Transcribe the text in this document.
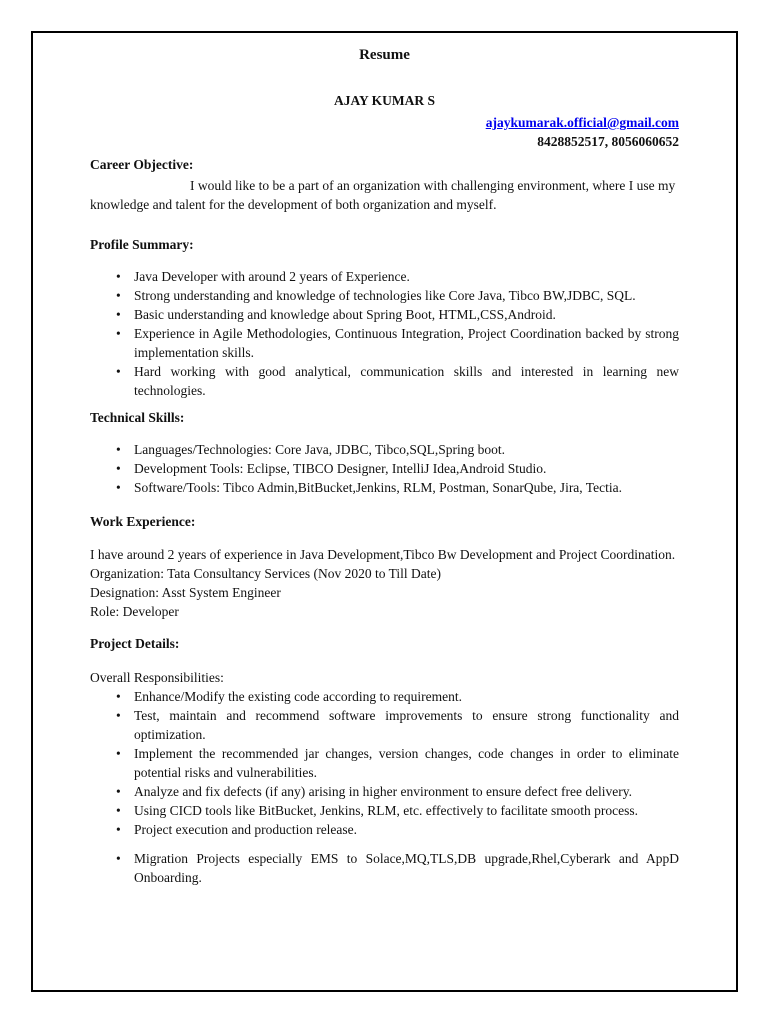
Resume
AJAY KUMAR S
ajaykumarak.official@gmail.com
8428852517, 8056060652
Career Objective:

I would like to be a part of an organization with challenging environment, where I use my knowledge and talent for the development of both organization and myself.

Profile Summary:
• Java Developer with around 2 years of Experience.
• Strong understanding and knowledge of technologies like Core Java, Tibco BW,JDBC, SQL.
• Basic understanding and knowledge about Spring Boot, HTML,CSS,Android.
• Experience in Agile Methodologies, Continuous Integration, Project Coordination backed by strong implementation skills.
• Hard working with good analytical, communication skills and interested in learning new technologies.
Technical Skills:
• Languages/Technologies: Core Java, JDBC, Tibco,SQL,Spring boot.
• Development Tools: Eclipse, TIBCO Designer, IntelliJ Idea,Android Studio.
• Software/Tools: Tibco Admin,BitBucket,Jenkins, RLM, Postman, SonarQube, Jira, Tectia.
Work Experience:

I have around 2 years of experience in Java Development,Tibco Bw Development and Project Coordination.

Organization: Tata Consultancy Services (Nov 2020 to Till Date)
Designation: Asst System Engineer
Role: Developer
Project Details:
Overall Responsibilities:
• Enhance/Modify the existing code according to requirement.
• Test, maintain and recommend software improvements to ensure strong functionality and optimization.
• Implement the recommended jar changes, version changes, code changes in order to eliminate potential risks and vulnerabilities.
• Analyze and fix defects (if any) arising in higher environment to ensure defect free delivery.
• Using CICD tools like BitBucket, Jenkins, RLM, etc. effectively to facilitate smooth process.
• Project execution and production release.
• Migration Projects especially EMS to Solace,MQ,TLS,DB upgrade,Rhel,Cyberark and AppD Onboarding.
